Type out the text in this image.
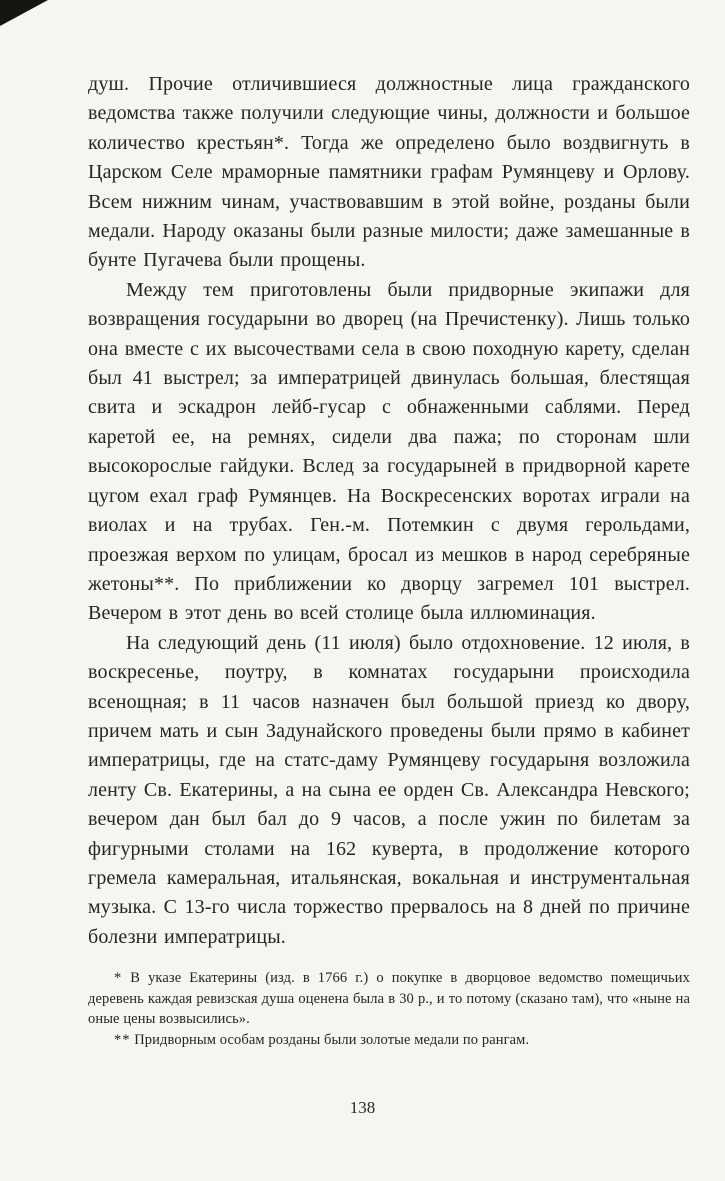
душ. Прочие отличившиеся должностные лица гражданского ведомства также получили следующие чины, должности и большое количество крестьян*. Тогда же определено было воздвигнуть в Царском Селе мраморные памятники графам Румянцеву и Орлову. Всем нижним чинам, участвовавшим в этой войне, розданы были медали. Народу оказаны были разные милости; даже замешанные в бунте Пугачева были прощены.

Между тем приготовлены были придворные экипажи для возвращения государыни во дворец (на Пречистенку). Лишь только она вместе с их высочествами села в свою походную карету, сделан был 41 выстрел; за императрицей двинулась большая, блестящая свита и эскадрон лейб-гусар с обнаженными саблями. Перед каретой ее, на ремнях, сидели два пажа; по сторонам шли высокорослые гайдуки. Вслед за государыней в придворной карете цугом ехал граф Румянцев. На Воскресенских воротах играли на виолах и на трубах. Ген.-м. Потемкин с двумя герольдами, проезжая верхом по улицам, бросал из мешков в народ серебряные жетоны**. По приближении ко дворцу загремел 101 выстрел. Вечером в этот день во всей столице была иллюминация.

На следующий день (11 июля) было отдохновение. 12 июля, в воскресенье, поутру, в комнатах государыни происходила всенощная; в 11 часов назначен был большой приезд ко двору, причем мать и сын Задунайского проведены были прямо в кабинет императрицы, где на статс-даму Румянцеву государыня возложила ленту Св. Екатерины, а на сына ее орден Св. Александра Невского; вечером дан был бал до 9 часов, а после ужин по билетам за фигурными столами на 162 куверта, в продолжение которого гремела камеральная, итальянская, вокальная и инструментальная музыка. С 13-го числа торжество прервалось на 8 дней по причине болезни императрицы.

* В указе Екатерины (изд. в 1766 г.) о покупке в дворцовое ведомство помещичьих деревень каждая ревизская душа оценена была в 30 р., и то потому (сказано там), что «ныне на оные цены возвысились».

** Придворным особам розданы были золотые медали по рангам.

138
